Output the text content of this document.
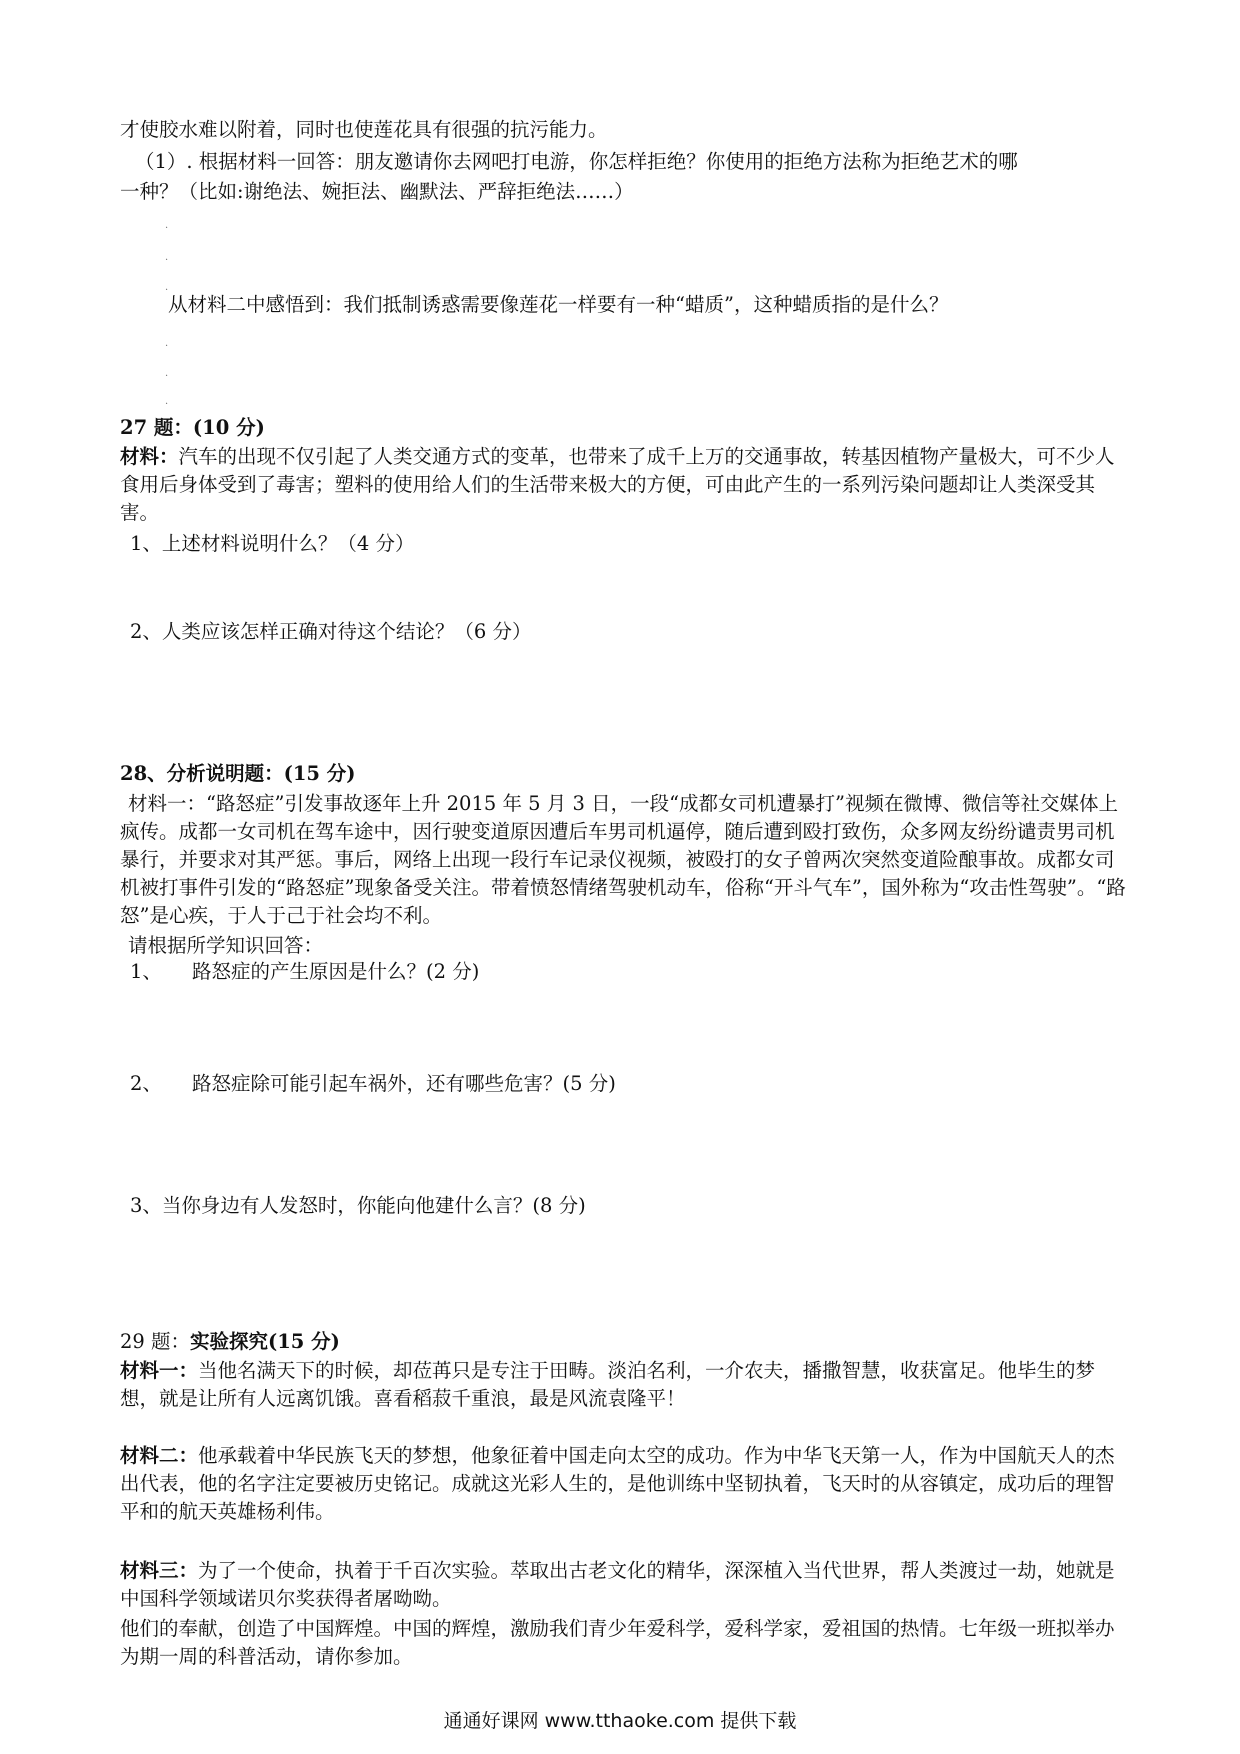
才使胶水难以附着，同时也使莲花具有很强的抗污能力。
（1）. 根据材料一回答：朋友邀请你去网吧打电游，你怎样拒绝？你使用的拒绝方法称为拒绝艺术的哪
一种？（比如:谢绝法、婉拒法、幽默法、严辞拒绝法……）
·
·
·
从材料二中感悟到：我们抵制诱惑需要像莲花一样要有一种“蜡质”，这种蜡质指的是什么？
·
·
·
27 题：(10 分)
材料：汽车的出现不仅引起了人类交通方式的变革，也带来了成千上万的交通事故，转基因植物产量极大，可不少人食用后身体受到了毒害；塑料的使用给人们的生活带来极大的方便，可由此产生的一系列污染问题却让人类深受其害。
1、上述材料说明什么？（4 分）
2、人类应该怎样正确对待这个结论？（6 分）
28、分析说明题：(15 分)
材料一：“路怒症”引发事故逐年上升 2015 年 5 月 3 日，一段“成都女司机遭暴打”视频在微博、微信等社交媒体上疯传。成都一女司机在驾车途中，因行驶变道原因遭后车男司机逼停，随后遭到殴打致伤，众多网友纷纷谴责男司机暴行，并要求对其严惩。事后，网络上出现一段行车记录仪视频，被殴打的女子曾两次突然变道险酿事故。成都女司机被打事件引发的“路怒症”现象备受关注。带着愤怒情绪驾驶机动车，俗称“开斗气车”，国外称为“攻击性驾驶”。“路怒”是心疾，于人于己于社会均不利。
请根据所学知识回答：
1、 路怒症的产生原因是什么？(2 分)
2、 路怒症除可能引起车祸外，还有哪些危害？(5 分)
3、当你身边有人发怒时，你能向他建什么言？(8 分)
29 题：实验探究(15 分)
材料一：当他名满天下的时候，却莅苒只是专注于田畴。淡泊名利，一介农夫，播撒智慧，收获富足。他毕生的梦想，就是让所有人远离饥饿。喜看稻菽千重浪，最是风流袁隆平！
材料二：他承载着中华民族飞天的梦想，他象征着中国走向太空的成功。作为中华飞天第一人，作为中国航天人的杰出代表，他的名字注定要被历史铭记。成就这光彩人生的，是他训练中坚韧执着，飞天时的从容镇定，成功后的理智平和的航天英雄杨利伟。
材料三：为了一个使命，执着于千百次实验。萃取出古老文化的精华，深深植入当代世界，帮人类渡过一劫，她就是中国科学领域诺贝尔奖获得者屠呦呦。
他们的奉献，创造了中国辉煌。中国的辉煌，激励我们青少年爱科学，爱科学家，爱祖国的热情。七年级一班拟举办为期一周的科普活动，请你参加。
通通好课网 www.tthaoke.com 提供下载
